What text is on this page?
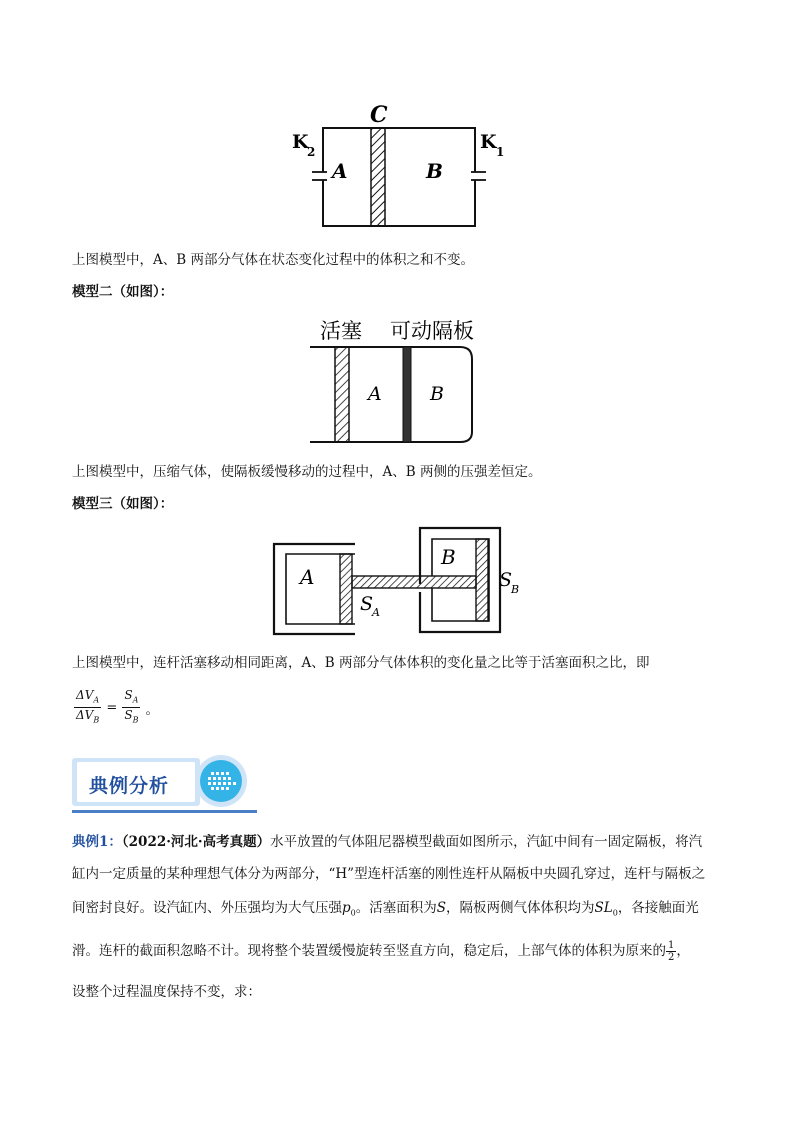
C
A	B
K
2	K 1
上图模型中，A、B 两部分气体在状态变化过程中的体积之和不变。
模型二（如图）：
活塞 可动隔板
A	B
上图模型中，压缩气体，使隔板缓慢移动的过程中，A、B 两侧的压强差恒定。
模型三（如图）：
A
B
S
A
S
B
上图模型中，连杆活塞移动相同距离，A、B 两部分气体体积的变化量之比等于活塞面积之比，即
$\frac{\Delta V_A}{\Delta V_B} = \frac{S_A}{S_B}$ 。
典例分析
典例1：（2022·河北·高考真题）水平放置的气体阻尼器模型截面如图所示，汽缸中间有一固定隔板，将汽
缸内一定质量的某种理想气体分为两部分，“H”型连杆活塞的刚性连杆从隔板中央圆孔穿过，连杆与隔板之
间密封良好。设汽缸内、外压强均为大气压强$p_0$。活塞面积为S，隔板两侧气体体积均为$SL_0$，各接触面光
滑。连杆的截面积忽略不计。现将整个装置缓慢旋转至竖直方向，稳定后，上部气体的体积为原来的 $\frac{1}{2}$ ，
设整个过程温度保持不变，求：
